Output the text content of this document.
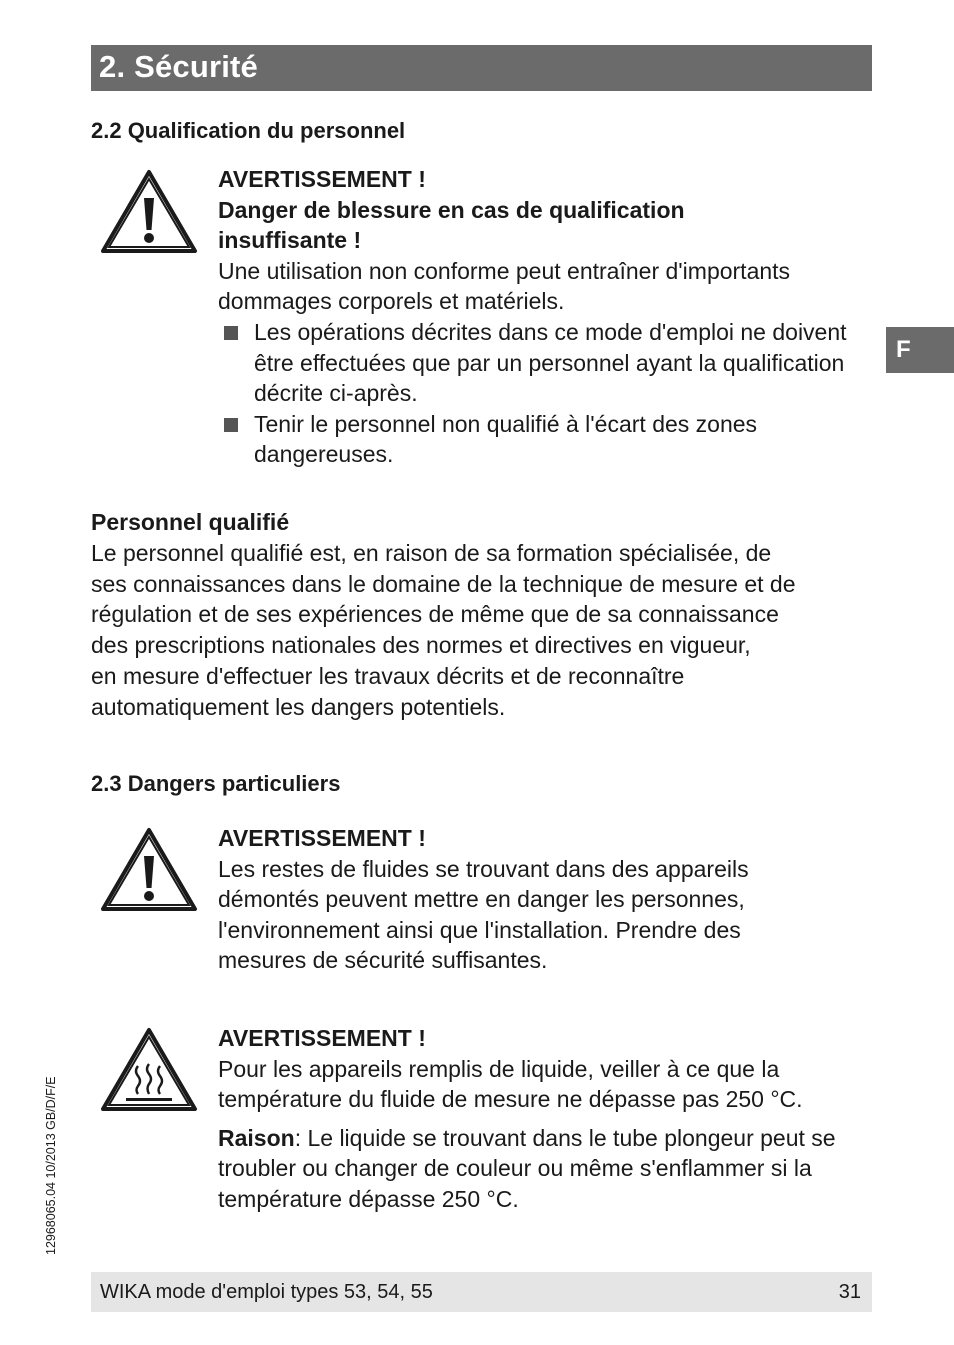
2. Sécurité
F
2.2 Qualification du personnel
AVERTISSEMENT !
Danger de blessure en cas de qualification
insuffisante !
Une utilisation non conforme peut entraîner d'importants dommages corporels et matériels.
Les opérations décrites dans ce mode d'emploi ne doivent être effectuées que par un personnel ayant la qualification décrite ci-après.
Tenir le personnel non qualifié à l'écart des zones dangereuses.
Personnel qualifié
Le personnel qualifié est, en raison de sa formation spécialisée, de
ses connaissances dans le domaine de la technique de mesure et de
régulation et de ses expériences de même que de sa connaissance
des prescriptions nationales des normes et directives en vigueur,
en mesure d'effectuer les travaux décrits et de reconnaître
automatiquement les dangers potentiels.
2.3 Dangers particuliers
AVERTISSEMENT !
Les restes de fluides se trouvant dans des appareils démontés peuvent mettre en danger les personnes, l'environnement ainsi que l'installation. Prendre des mesures de sécurité suffisantes.
AVERTISSEMENT !
Pour les appareils remplis de liquide, veiller à ce que la température du fluide de mesure ne dépasse pas 250 °C.
Raison: Le liquide se trouvant dans le tube plongeur peut se troubler ou changer de couleur ou même s'enflammer si la température dépasse 250 °C.
12968065.04 10/2013 GB/D/F/E
WIKA mode d'emploi types 53, 54, 55	31
